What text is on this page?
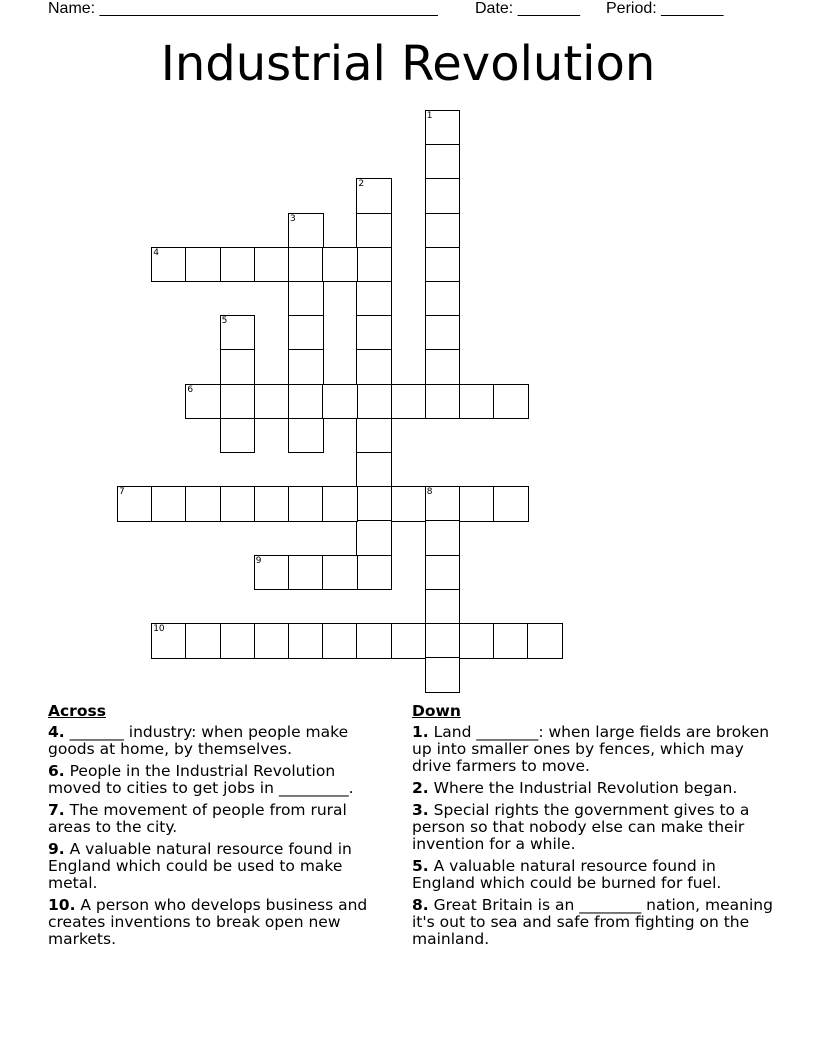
Name: ______________________________________ Date: _______ Period: _______
Industrial Revolution
1
2
3
4
5
6
7	8
9
10
Across
4. _______ industry: when people make goods at home, by themselves.
6. People in the Industrial Revolution moved to cities to get jobs in _________.
7. The movement of people from rural areas to the city.
9. A valuable natural resource found in England which could be used to make metal.
10. A person who develops business and creates inventions to break open new markets.
Down
1. Land ________: when large fields are broken up into smaller ones by fences, which may drive farmers to move.
2. Where the Industrial Revolution began.
3. Special rights the government gives to a person so that nobody else can make their invention for a while.
5. A valuable natural resource found in England which could be burned for fuel.
8. Great Britain is an ________ nation, meaning it's out to sea and safe from fighting on the mainland.
